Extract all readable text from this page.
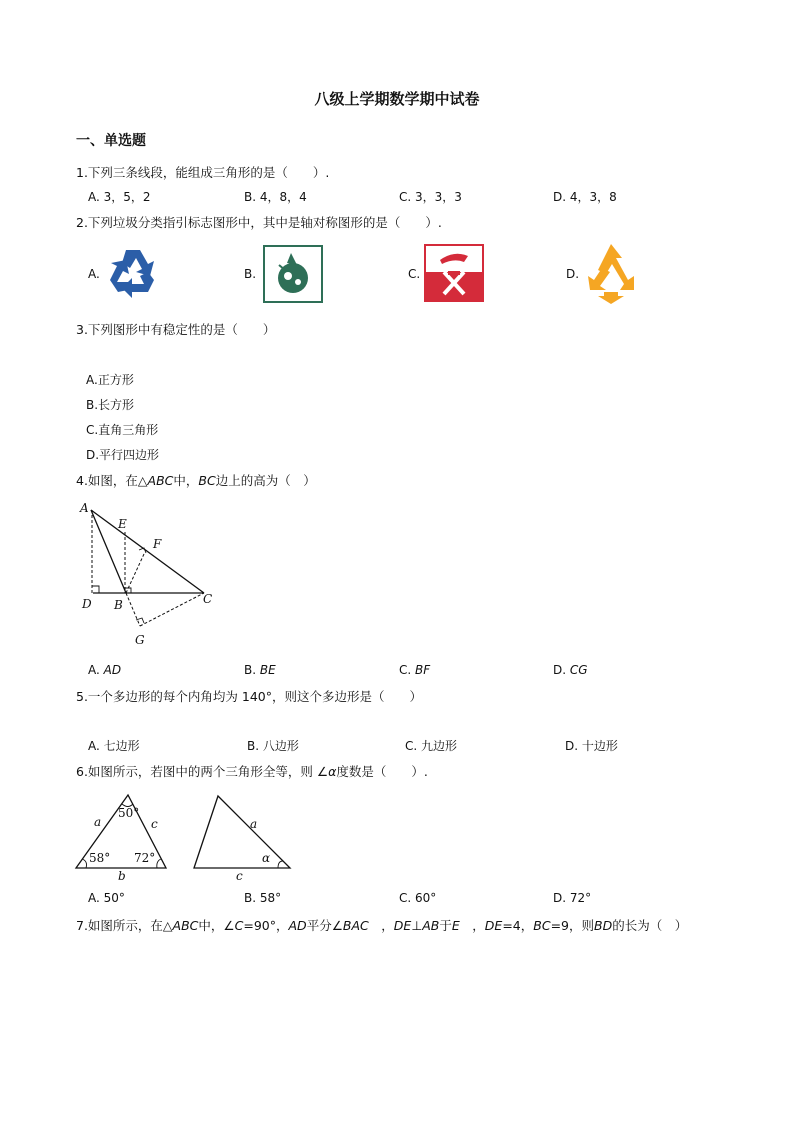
八级上学期数学期中试卷
一、单选题
1.下列三条线段，能组成三角形的是（　　）.
A. 3，5，2	B. 4，8，4	C. 3，3，3	D. 4，3，8
2.下列垃圾分类指引标志图形中，其中是轴对称图形的是（　　）.
A.	B.	C.	D.
3.下列图形中有稳定性的是（　　）
A.正方形
B.长方形
C.直角三角形
D.平行四边形
4.如图，在△ABC中，BC边上的高为（　）
A
E
F
D B	C
G
A. AD	B. BE	C. BF	D. CG
5.一个多边形的每个内角均为 140°，则这个多边形是（　　）
A. 七边形	B. 八边形	C. 九边形	D. 十边形
6.如图所示，若图中的两个三角形全等，则 ∠α度数是（　　）.
50°
58° 72°
a	c
b
a
α
c
A. 50°	B. 58°	C. 60°	D. 72°
7.如图所示，在△ABC中，∠C=90°，AD平分∠BAC　，DE⊥AB于E　，DE=4，BC=9，则BD的长为（　）
